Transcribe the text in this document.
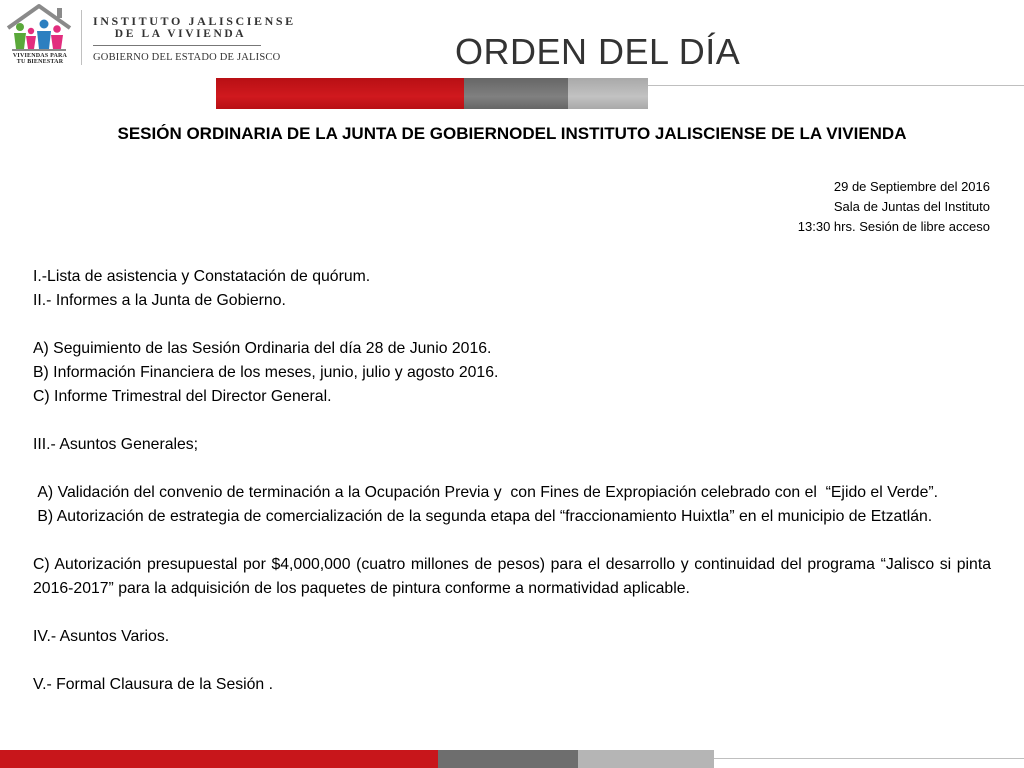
VIVIENDAS PARA
TU BIENESTAR
INSTITUTO JALISCIENSE
DE LA VIVIENDA
GOBIERNO DEL ESTADO DE JALISCO	ORDEN DEL DÍA
SESIÓN ORDINARIA DE LA JUNTA DE GOBIERNODEL INSTITUTO JALISCIENSE DE LA VIVIENDA
29 de Septiembre del 2016
Sala de Juntas del Instituto
13:30 hrs. Sesión de libre acceso

I.-Lista de asistencia y Constatación de quórum.

II.- Informes a la Junta de Gobierno.

A) Seguimiento de las Sesión Ordinaria del día 28 de Junio 2016.

B) Información Financiera de los meses, junio, julio y agosto 2016.

C) Informe Trimestral del Director General.

III.- Asuntos Generales;

A) Validación del convenio de terminación a la Ocupación Previa y  con Fines de Expropiación celebrado con el  “Ejido el Verde”.

B) Autorización de estrategia de comercialización de la segunda etapa del “fraccionamiento Huixtla” en el municipio de Etzatlán.

C) Autorización presupuestal por $4,000,000 (cuatro millones de pesos) para el desarrollo y continuidad del programa “Jalisco si pinta 2016-2017” para la adquisición de los paquetes de pintura conforme a normatividad aplicable.

IV.- Asuntos Varios.

V.- Formal Clausura de la Sesión .
